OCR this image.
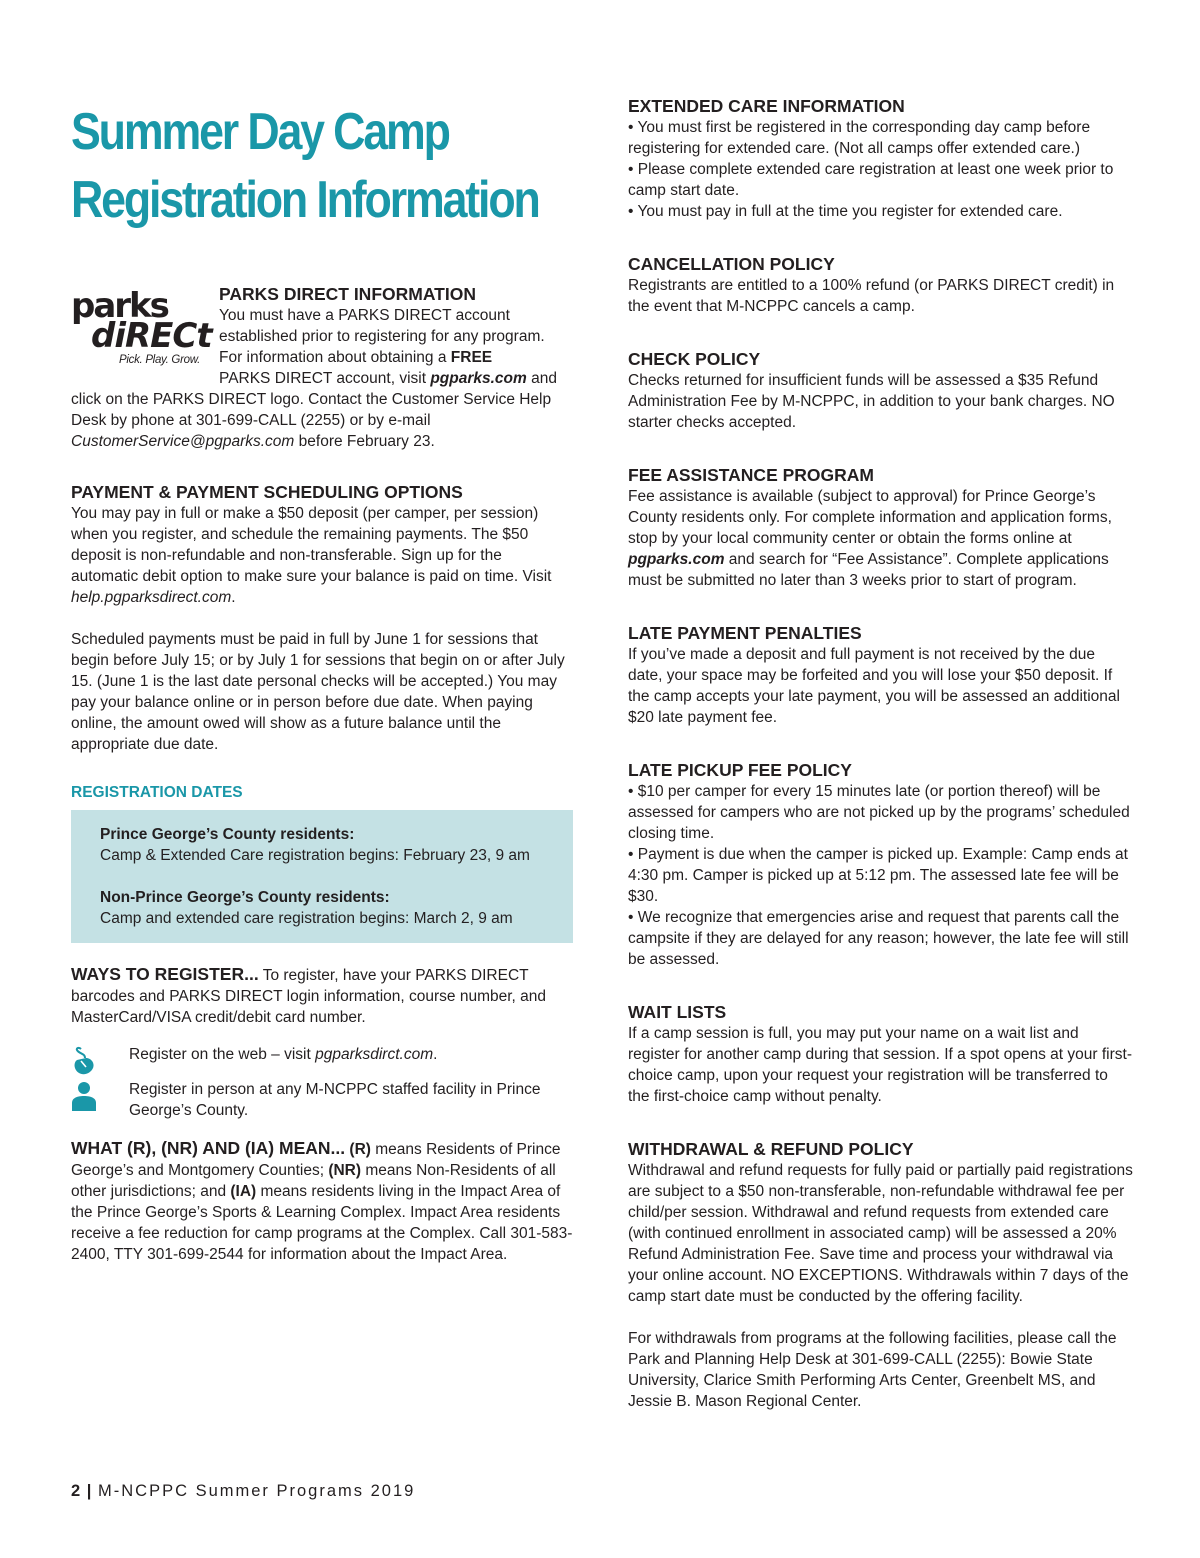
Summer Day Camp
Registration Information
parks
diRECt
Pick. Play. Grow.
PARKS DIRECT INFORMATION

You must have a PARKS DIRECT account
established prior to registering for any program.
For information about obtaining a FREE
PARKS DIRECT account, visit pgparks.com and

click on the PARKS DIRECT logo. Contact the Customer Service Help Desk by phone at 301-699-CALL (2255) or by e-mail CustomerService@pgparks.com before February 23.

PAYMENT & PAYMENT SCHEDULING OPTIONS

You may pay in full or make a $50 deposit (per camper, per session) when you register, and schedule the remaining payments. The $50 deposit is non-refundable and non-transferable. Sign up for the automatic debit option to make sure your balance is paid on time. Visit help.pgparksdirect.com.

Scheduled payments must be paid in full by June 1 for sessions that begin before July 15; or by July 1 for sessions that begin on or after July 15. (June 1 is the last date personal checks will be accepted.) You may pay your balance online or in person before due date. When paying online, the amount owed will show as a future balance until the appropriate due date.

REGISTRATION DATES
Prince George’s County residents:
Camp & Extended Care registration begins: February 23, 9 am
Non-Prince George’s County residents:
Camp and extended care registration begins: March 2, 9 am

WAYS TO REGISTER... To register, have your PARKS DIRECT barcodes and PARKS DIRECT login information, course number, and MasterCard/VISA credit/debit card number.

Register on the web – visit pgparksdirct.com.

Register in person at any M-NCPPC staffed facility in Prince George’s County.

WHAT (R), (NR) AND (IA) MEAN... (R) means Residents of Prince George’s and Montgomery Counties; (NR) means Non-Residents of all other jurisdictions; and (IA) means residents living in the Impact Area of the Prince George’s Sports & Learning Complex. Impact Area residents receive a fee reduction for camp programs at the Complex. Call 301-583-2400, TTY 301-699-2544 for information about the Impact Area.

EXTENDED CARE INFORMATION

• You must first be registered in the corresponding day camp before registering for extended care. (Not all camps offer extended care.)

• Please complete extended care registration at least one week prior to camp start date.

• You must pay in full at the time you register for extended care.

CANCELLATION POLICY

Registrants are entitled to a 100% refund (or PARKS DIRECT credit) in the event that M-NCPPC cancels a camp.

CHECK POLICY

Checks returned for insufficient funds will be assessed a $35 Refund Administration Fee by M-NCPPC, in addition to your bank charges. NO starter checks accepted.

FEE ASSISTANCE PROGRAM

Fee assistance is available (subject to approval) for Prince George’s County residents only. For complete information and application forms, stop by your local community center or obtain the forms online at pgparks.com and search for “Fee Assistance”. Complete applications must be submitted no later than 3 weeks prior to start of program.

LATE PAYMENT PENALTIES

If you’ve made a deposit and full payment is not received by the due date, your space may be forfeited and you will lose your $50 deposit. If the camp accepts your late payment, you will be assessed an additional $20 late payment fee.

LATE PICKUP FEE POLICY

• $10 per camper for every 15 minutes late (or portion thereof) will be assessed for campers who are not picked up by the programs’ scheduled closing time.

• Payment is due when the camper is picked up. Example: Camp ends at 4:30 pm. Camper is picked up at 5:12 pm. The assessed late fee will be $30.

• We recognize that emergencies arise and request that parents call the campsite if they are delayed for any reason; however, the late fee will still be assessed.

WAIT LISTS

If a camp session is full, you may put your name on a wait list and register for another camp during that session. If a spot opens at your first-choice camp, upon your request your registration will be transferred to the first-choice camp without penalty.

WITHDRAWAL & REFUND POLICY

Withdrawal and refund requests for fully paid or partially paid registrations are subject to a $50 non-transferable, non-refundable withdrawal fee per child/per session. Withdrawal and refund requests from extended care (with continued enrollment in associated camp) will be assessed a 20% Refund Administration Fee. Save time and process your withdrawal via your online account. NO EXCEPTIONS. Withdrawals within 7 days of the camp start date must be conducted by the offering facility.

For withdrawals from programs at the following facilities, please call the Park and Planning Help Desk at 301-699-CALL (2255): Bowie State University, Clarice Smith Performing Arts Center, Greenbelt MS, and Jessie B. Mason Regional Center.

2 | M-NCPPC Summer Programs 2019
